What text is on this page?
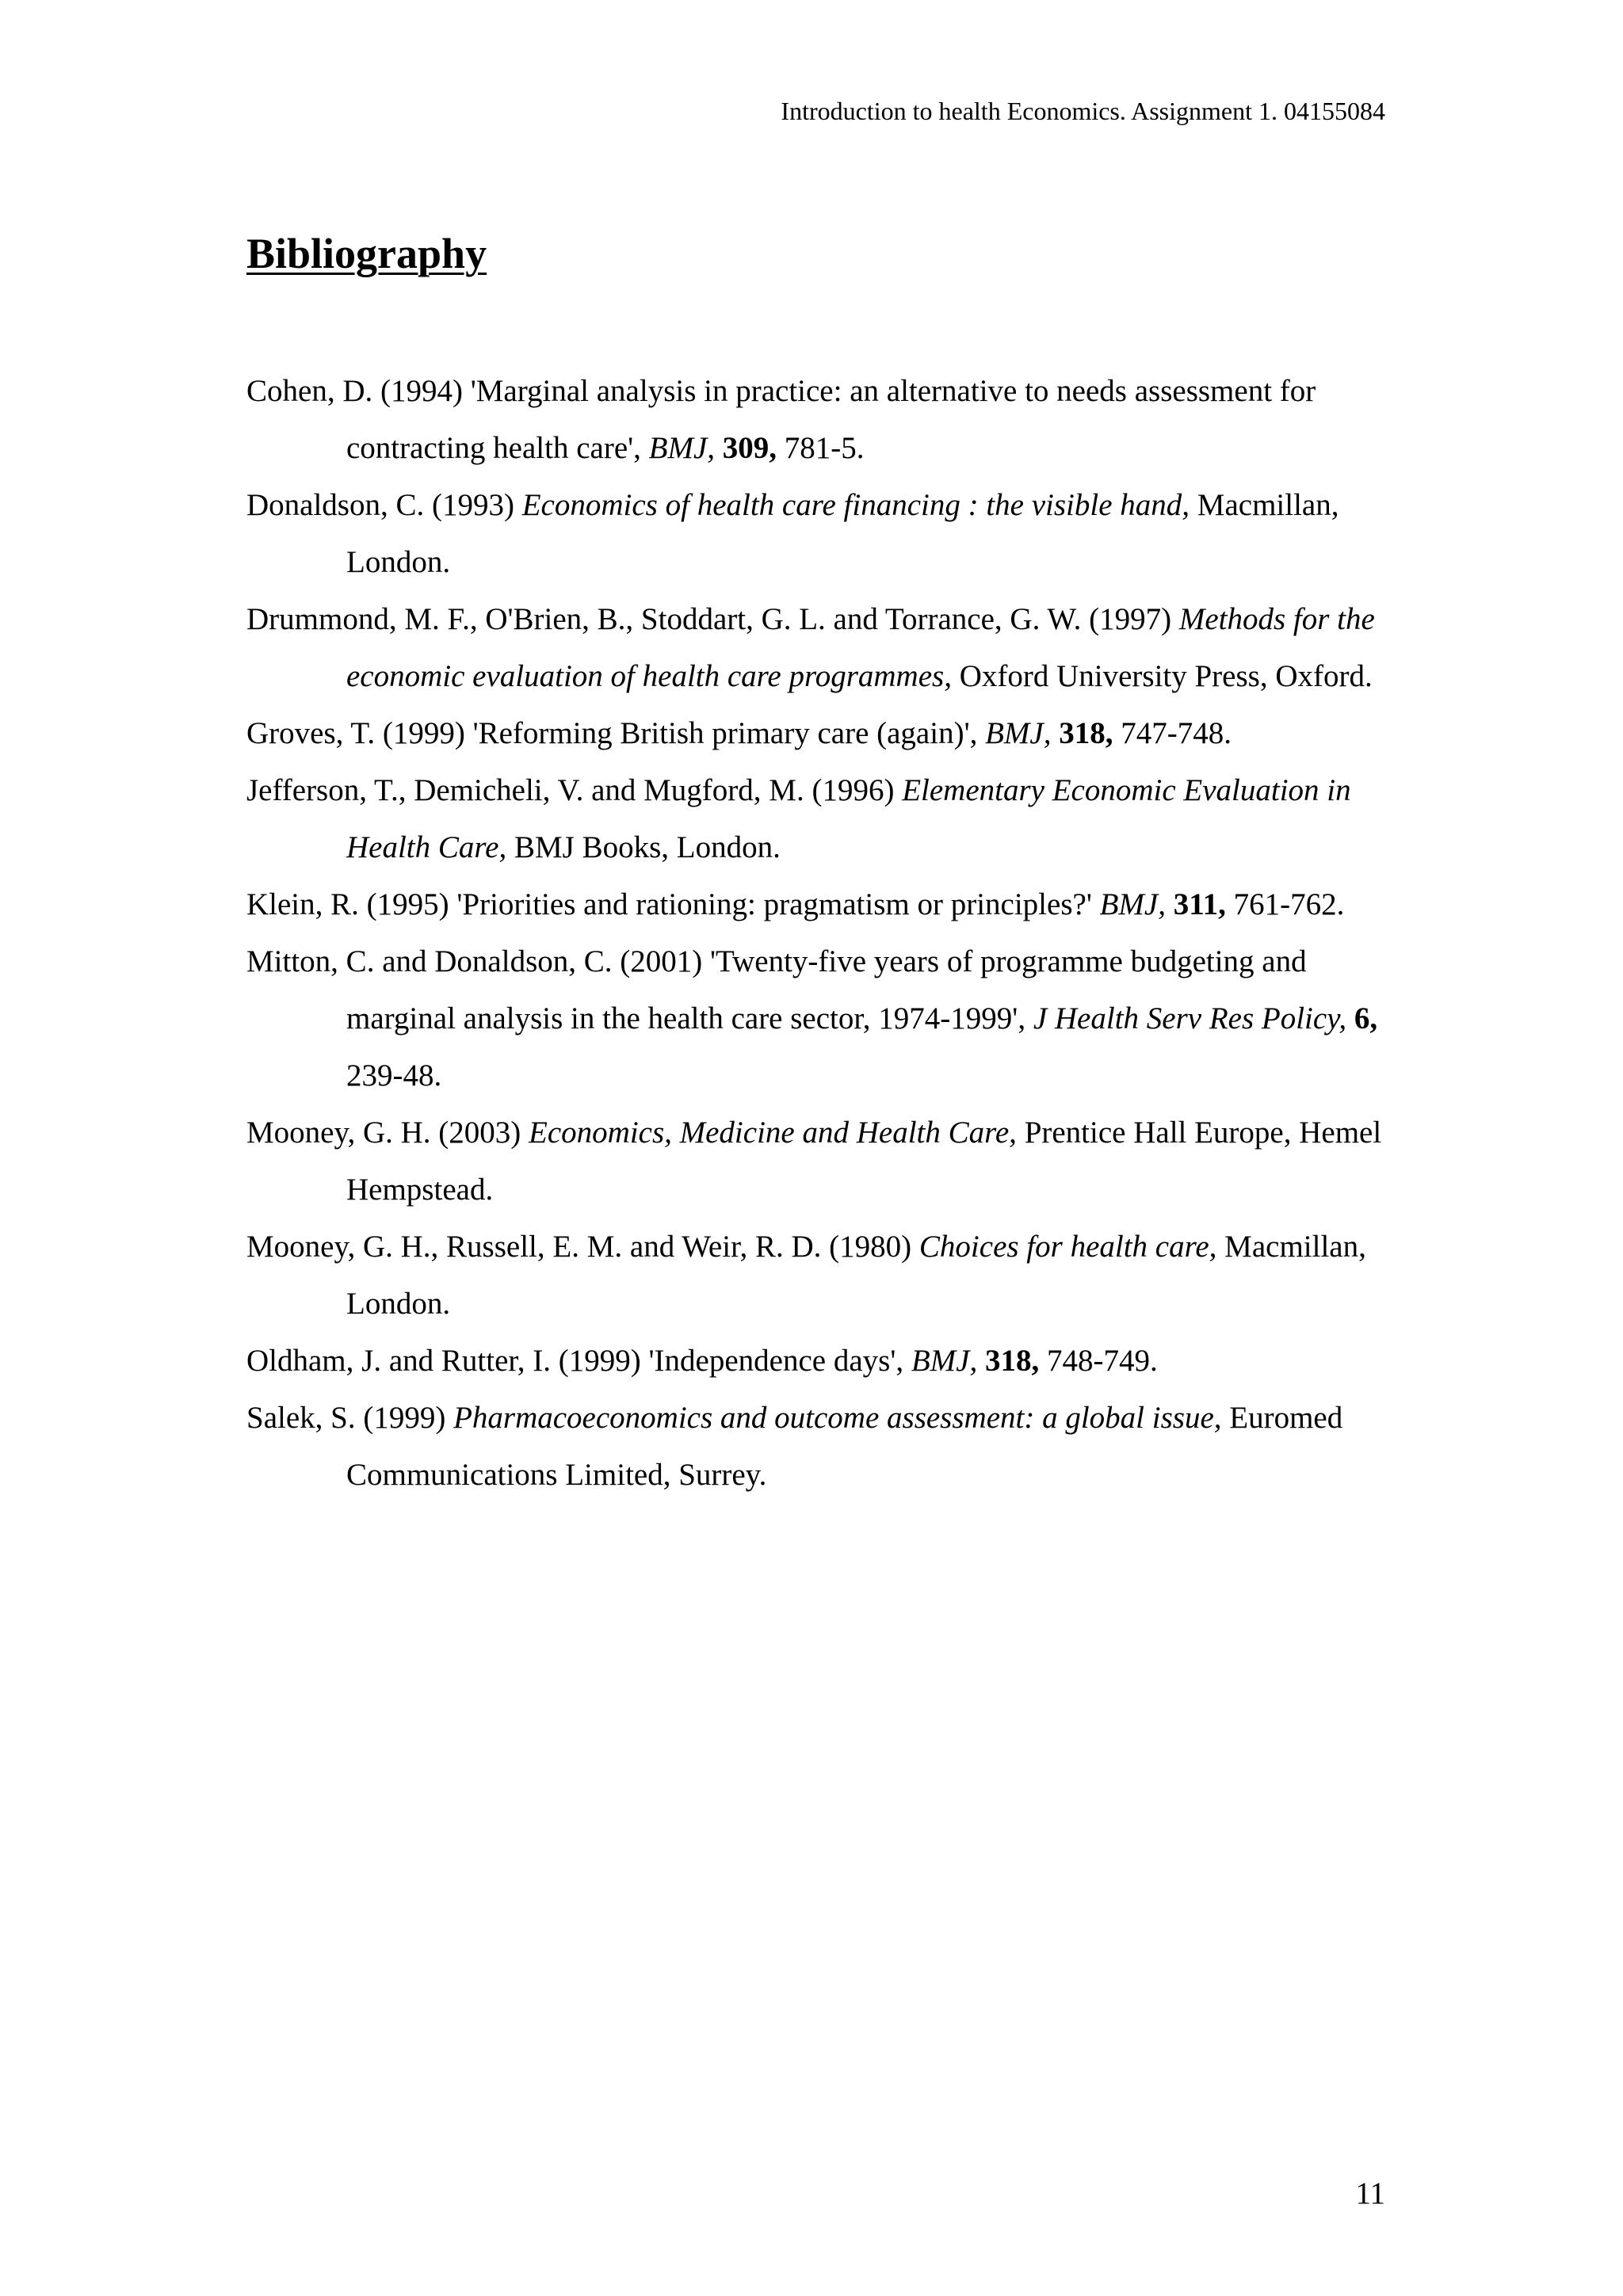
Introduction to health Economics. Assignment 1. 04155084
Bibliography

Cohen, D. (1994) 'Marginal analysis in practice: an alternative to needs assessment for contracting health care', BMJ, 309, 781-5.

Donaldson, C. (1993) Economics of health care financing : the visible hand, Macmillan, London.

Drummond, M. F., O'Brien, B., Stoddart, G. L. and Torrance, G. W. (1997) Methods for the economic evaluation of health care programmes, Oxford University Press, Oxford.

Groves, T. (1999) 'Reforming British primary care (again)', BMJ, 318, 747-748.

Jefferson, T., Demicheli, V. and Mugford, M. (1996) Elementary Economic Evaluation in Health Care, BMJ Books, London.

Klein, R. (1995) 'Priorities and rationing: pragmatism or principles?' BMJ, 311, 761-762.

Mitton, C. and Donaldson, C. (2001) 'Twenty-five years of programme budgeting and marginal analysis in the health care sector, 1974-1999', J Health Serv Res Policy, 6, 239-48.

Mooney, G. H. (2003) Economics, Medicine and Health Care, Prentice Hall Europe, Hemel Hempstead.

Mooney, G. H., Russell, E. M. and Weir, R. D. (1980) Choices for health care, Macmillan, London.

Oldham, J. and Rutter, I. (1999) 'Independence days', BMJ, 318, 748-749.

Salek, S. (1999) Pharmacoeconomics and outcome assessment: a global issue, Euromed Communications Limited, Surrey.

11
